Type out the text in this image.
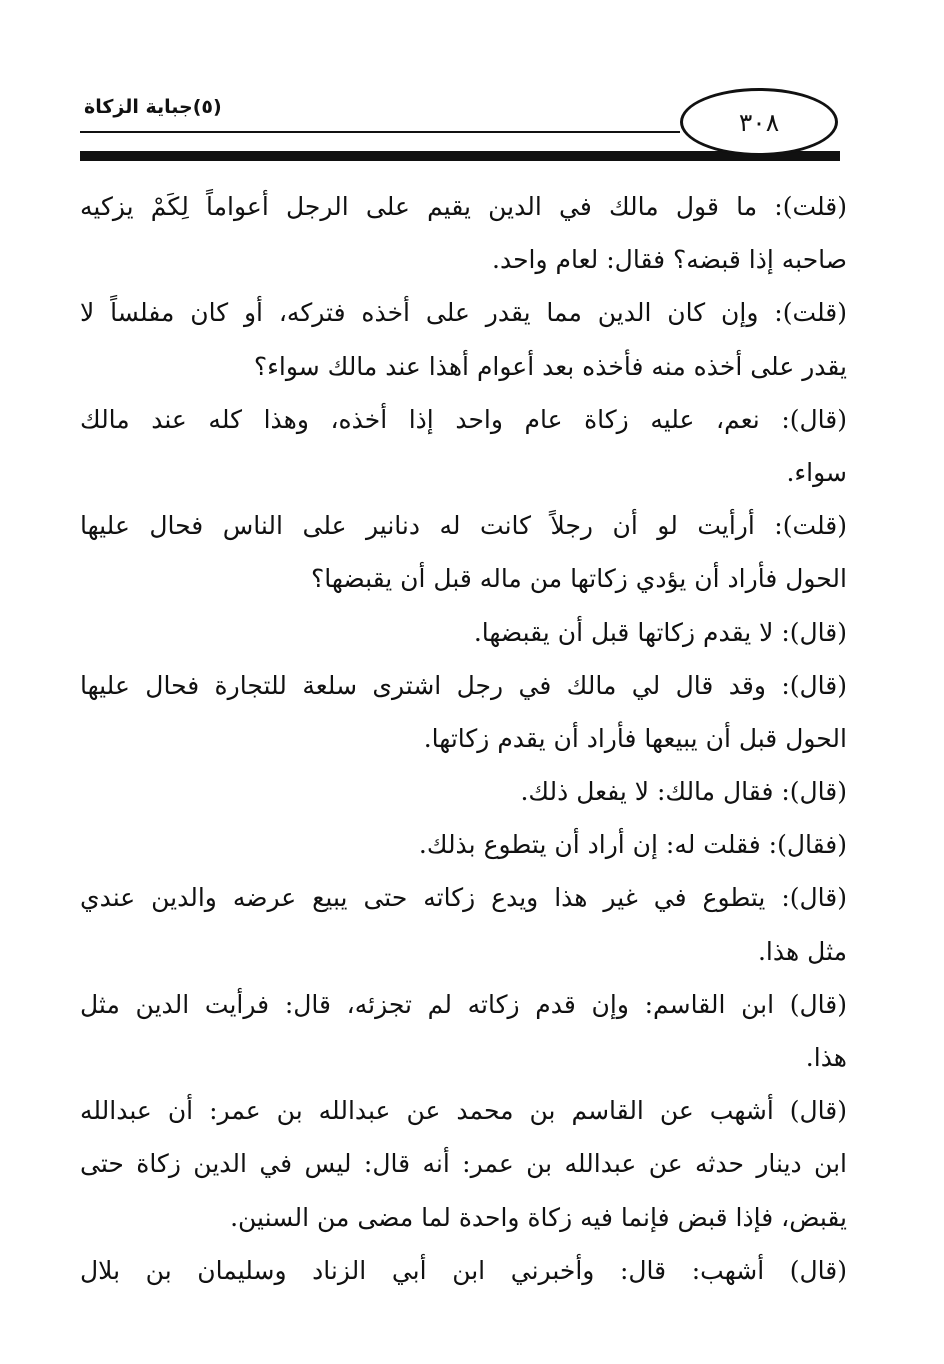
(٥)جباية الزكاة
٣٠٨
(قلت): ما قول مالك في الدين يقيم على الرجل أعواماً لِكَمْ يزكيه
صاحبه إذا قبضه؟ فقال: لعام واحد.
(قلت): وإن كان الدين مما يقدر على أخذه فتركه، أو كان مفلساً لا
يقدر على أخذه منه فأخذه بعد أعوام أهذا عند مالك سواء؟
(قال): نعم، عليه زكاة عام واحد إذا أخذه، وهذا كله عند مالك
سواء.
(قلت): أرأيت لو أن رجلاً كانت له دنانير على الناس فحال عليها
الحول فأراد أن يؤدي زكاتها من ماله قبل أن يقبضها؟
(قال): لا يقدم زكاتها قبل أن يقبضها.
(قال): وقد قال لي مالك في رجل اشترى سلعة للتجارة فحال عليها
الحول قبل أن يبيعها فأراد أن يقدم زكاتها.
(قال): فقال مالك: لا يفعل ذلك.
(فقال): فقلت له: إن أراد أن يتطوع بذلك.
(قال): يتطوع في غير هذا ويدع زكاته حتى يبيع عرضه والدين عندي
مثل هذا.
(قال) ابن القاسم: وإن قدم زكاته لم تجزئه، قال: فرأيت الدين مثل
هذا.
(قال) أشهب عن القاسم بن محمد عن عبدالله بن عمر: أن عبدالله
ابن دينار حدثه عن عبدالله بن عمر: أنه قال: ليس في الدين زكاة حتى
يقبض، فإذا قبض فإنما فيه زكاة واحدة لما مضى من السنين.
(قال) أشهب: قال: وأخبرني ابن أبي الزناد وسليمان بن بلال
